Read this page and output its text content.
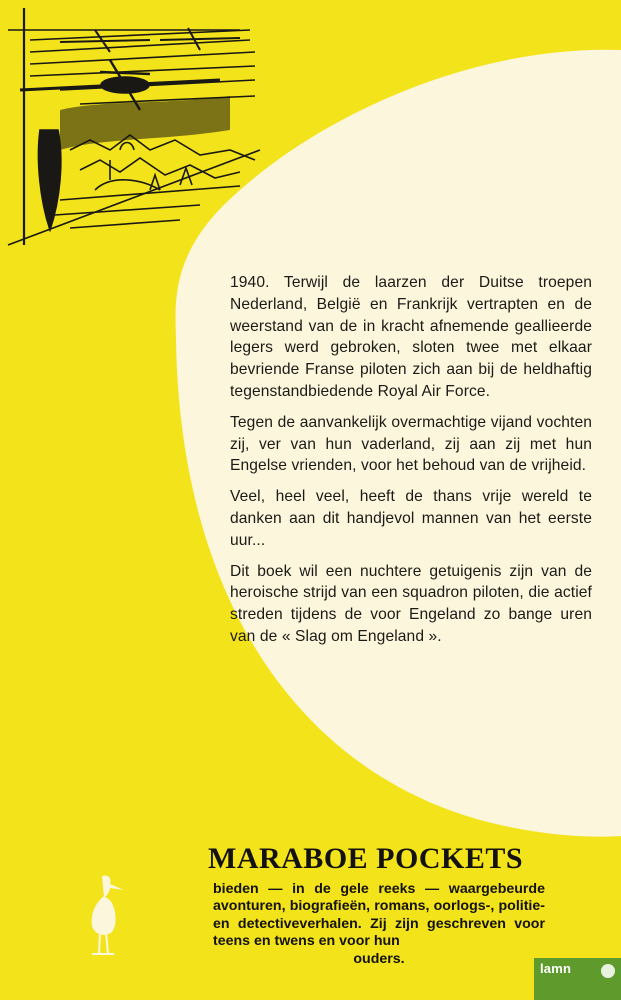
1940. Terwijl de laarzen der Duitse troepen Nederland, België en Frankrijk vertrapten en de weerstand van de in kracht afnemende geallieerde legers werd gebroken, sloten twee met elkaar bevriende Franse piloten zich aan bij de heldhaftig tegenstandbiedende Royal Air Force.

Tegen de aanvankelijk overmachtige vijand vochten zij, ver van hun vaderland, zij aan zij met hun Engelse vrienden, voor het behoud van de vrijheid.

Veel, heel veel, heeft de thans vrije wereld te danken aan dit handjevol mannen van het eerste uur...

Dit boek wil een nuchtere getuigenis zijn van de heroische strijd van een squadron piloten, die actief streden tijdens de voor Engeland zo bange uren van de « Slag om Engeland ».

MARABOE POCKETS
bieden — in de gele reeks — waargebeurde avonturen, biografieën, romans, oorlogs-, politie- en detectiveverhalen. Zij zijn geschreven voor teens en twens en voor hun
ouders.
lamn
